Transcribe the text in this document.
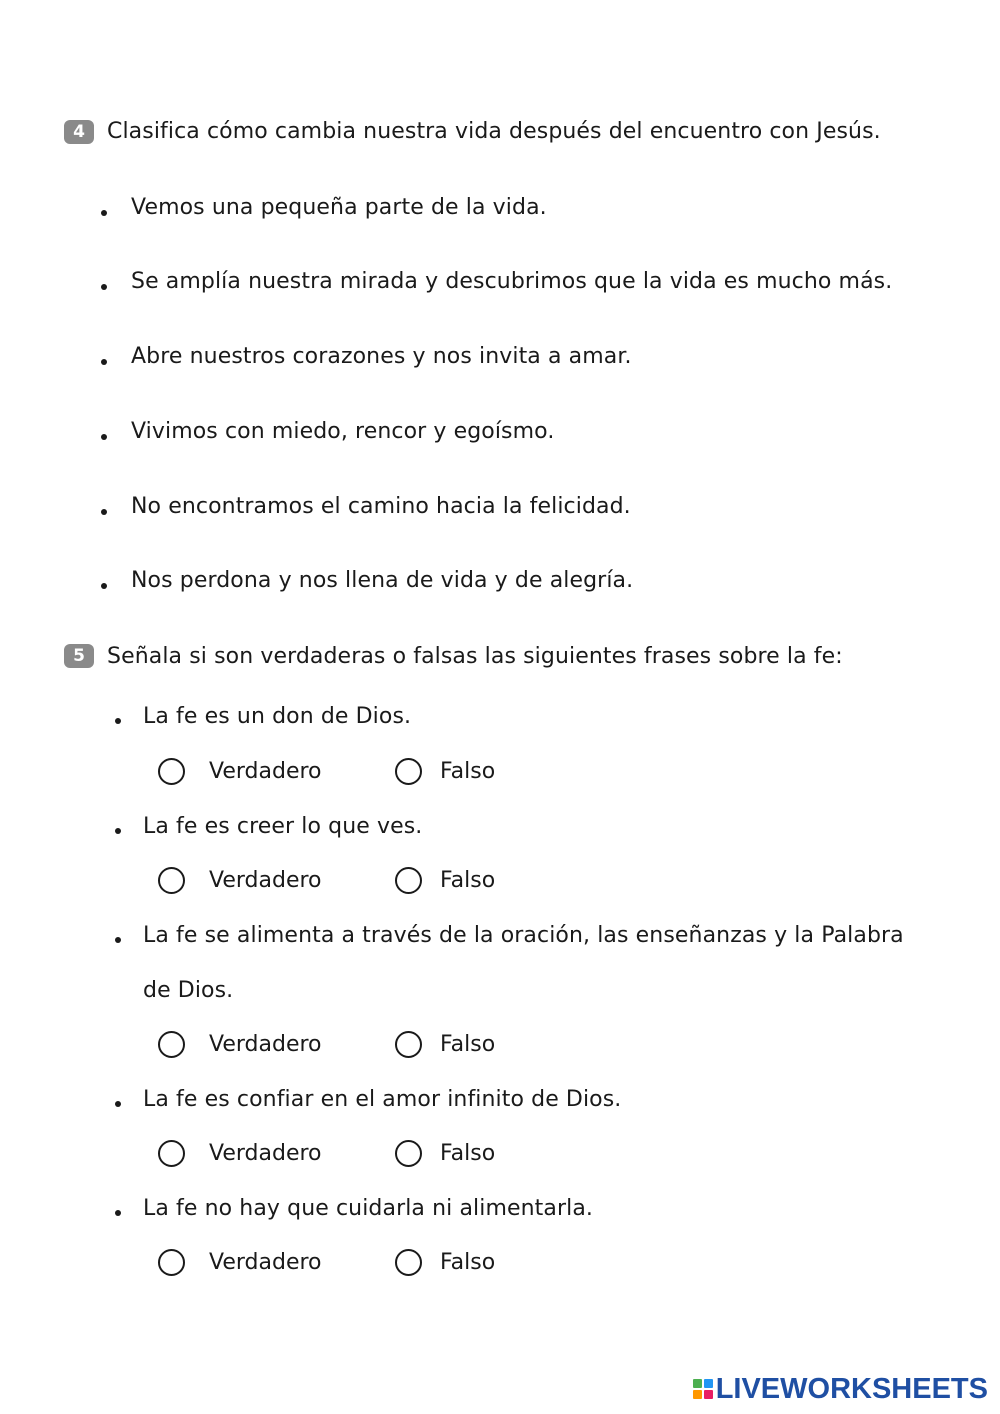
4	Clasifica cómo cambia nuestra vida después del encuentro con Jesús.
Vemos una pequeña parte de la vida.
Se amplía nuestra mirada y descubrimos que la vida es mucho más.
Abre nuestros corazones y nos invita a amar.
Vivimos con miedo, rencor y egoísmo.
No encontramos el camino hacia la felicidad.
Nos perdona y nos llena de vida y de alegría.
5	Señala si son verdaderas o falsas las siguientes frases sobre la fe:
La fe es un don de Dios.
Verdadero	Falso
La fe es creer lo que ves.
Verdadero	Falso
La fe se alimenta a través de la oración, las enseñanzas y la Palabra
de Dios.
Verdadero	Falso
La fe es confiar en el amor infinito de Dios.
Verdadero	Falso
La fe no hay que cuidarla ni alimentarla.
Verdadero	Falso
LIVEWORKSHEETS
